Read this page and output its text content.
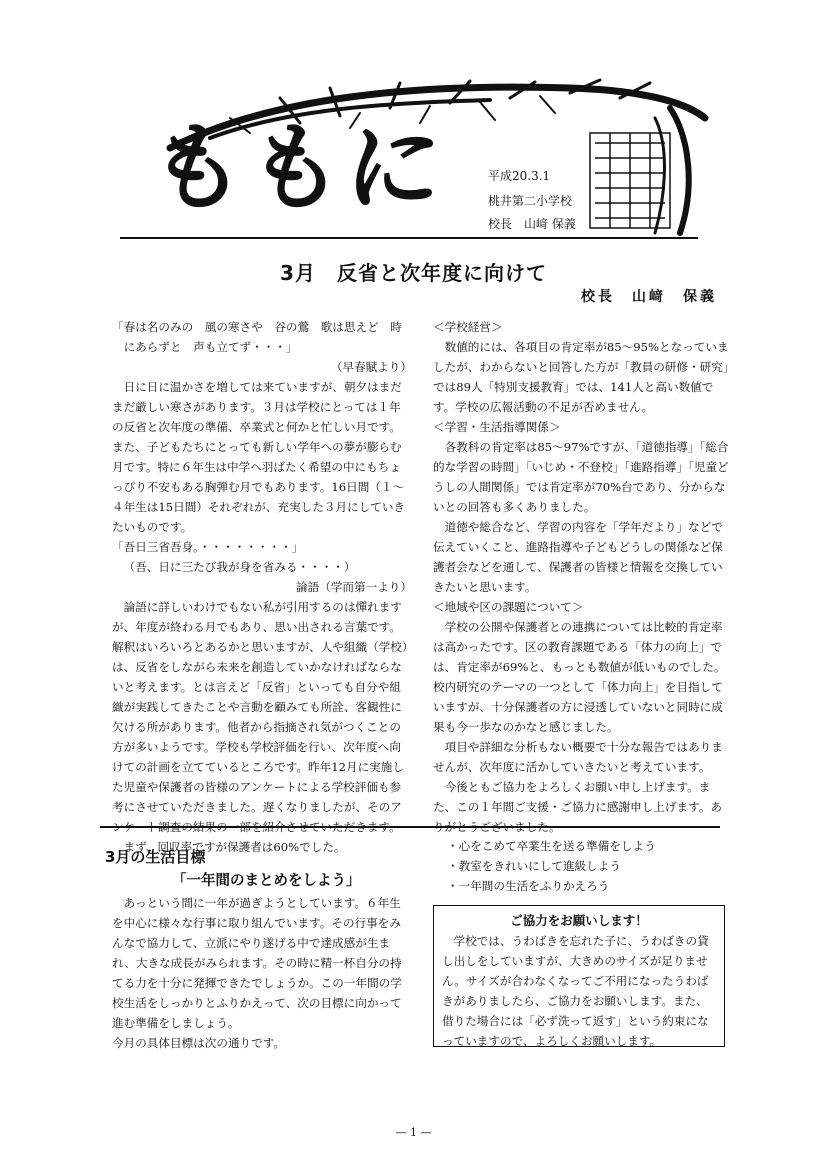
ももに	平成20.3.1
桃井第二小学校
校長　山﨑 保義
3月　反省と次年度に向けて
校長　山﨑　保義

「春は名のみの　風の寒さや　谷の鶯　歌は思えど　時

　にあらずと　声も立てず・・・」

（早春賦より）

日に日に温かさを増しては来ていますが、朝夕はまだまだ厳しい寒さがあります。３月は学校にとっては１年の反省と次年度の準備、卒業式と何かと忙しい月です。また、子どもたちにとっても新しい学年への夢が膨らむ月です。特に６年生は中学へ羽ばたく希望の中にもちょっぴり不安もある胸弾む月でもあります。16日間（１～４年生は15日間）それぞれが、充実した３月にしていきたいものです。

「吾日三省吾身。・・・・・・・・」

（吾、日に三たび我が身を省みる・・・・）

論語（学而第一より）

論語に詳しいわけでもない私が引用するのは憚れますが、年度が終わる月でもあり、思い出される言葉です。解釈はいろいろとあるかと思いますが、人や組織（学校）は、反省をしながら未来を創造していかなければならないと考えます。とは言えど「反省」といっても自分や組織が実践してきたことや言動を顧みても所詮、客観性に欠ける所があります。他者から指摘され気がつくことの方が多いようです。学校も学校評価を行い、次年度へ向けての計画を立てているところです。昨年12月に実施した児童や保護者の皆様のアンケートによる学校評価も参考にさせていただきました。遅くなりましたが、そのア

まず、回収率ですが保護者は60%でした。

＜学校経営＞

数値的には、各項目の肯定率が85～95%となっていましたが、わからないと回答した方が「教員の研修・研究」では89人「特別支援教育」では、141人と高い数値です。学校の広報活動の不足が否めません。

＜学習・生活指導関係＞

各教科の肯定率は85～97%ですが、「道徳指導」「総合的な学習の時間」「いじめ・不登校」「進路指導」「児童どうしの人間関係」では肯定率が70%台であり、分からないとの回答も多くありました。

道徳や総合など、学習の内容を「学年だより」などで伝えていくこと、進路指導や子どもどうしの関係など保護者会などを通して、保護者の皆様と情報を交換していきたいと思います。

＜地域や区の課題について＞

学校の公開や保護者との連携については比較的肯定率は高かったです。区の教育課題である「体力の向上」では、肯定率が69%と、もっとも数値が低いものでした。校内研究のテーマの一つとして「体力向上」を目指していますが、十分保護者の方に浸透していないと同時に成果も今一歩なのかなと感じました。

項目や詳細な分析もない概要で十分な報告ではありませんが、次年度に活かしていきたいと考えています。

今後ともご協力をよろしくお願い申し上げます。また、この１年間ご支援・ご協力に感謝申し上げます。あ

3月の生活目標
「一年間のまとめをしよう」

あっという間に一年が過ぎようとしています。６年生を中心に様々な行事に取り組んでいます。その行事をみんなで協力して、立派にやり遂げる中で達成感が生まれ、大きな成長がみられます。その時に精一杯自分の持てる力を十分に発揮できたでしょうか。この一年間の学校生活をしっかりとふりかえって、次の目標に向かって進む準備をしましょう。

今月の具体目標は次の通りです。

・心をこめて卒業生を送る準備をしよう
・教室をきれいにして進級しよう
・一年間の生活をふりかえろう
ご協力をお願いします！

学校では、うわばきを忘れた子に、うわばきの貸し出しをしていますが、大きめのサイズが足りません。サイズが合わなくなってご不用になったうわばきがありましたら、ご協力をお願いします。また、借りた場合には「必ず洗って返す」という約束になっていますので、よろしくお願いします。

— 1 —
